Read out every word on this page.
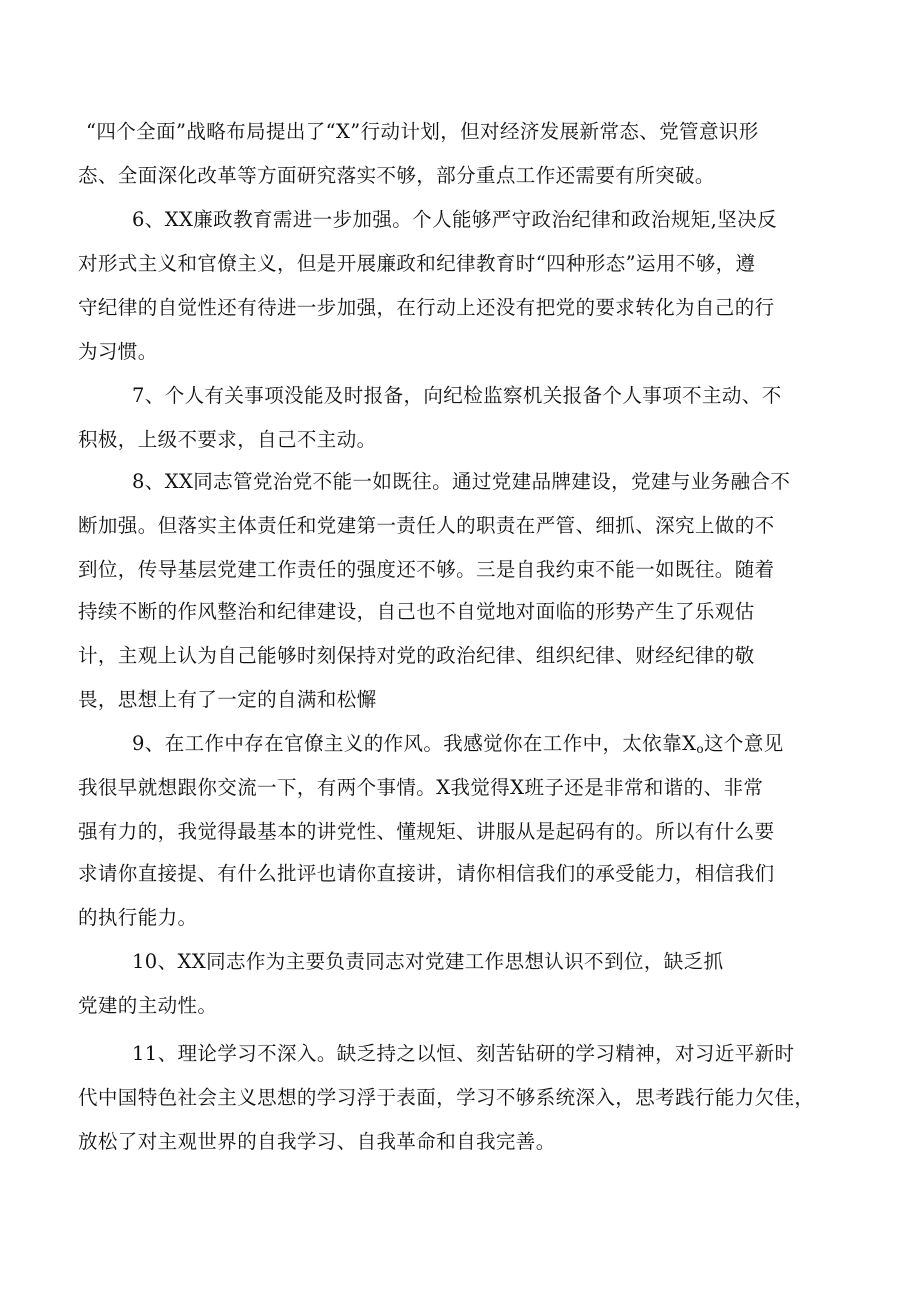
“四个全面”战略布局提出了“X”行动计划，但对经济发展新常态、党管意识形
态、全面深化改革等方面研究落实不够，部分重点工作还需要有所突破。
6、XX廉政教育需进一步加强。个人能够严守政治纪律和政治规矩,坚决反
对形式主义和官僚主义，但是开展廉政和纪律教育时“四种形态”运用不够，遵
守纪律的自觉性还有待进一步加强，在行动上还没有把党的要求转化为自己的行
为习惯。
7、个人有关事项没能及时报备，向纪检监察机关报备个人事项不主动、不
积极，上级不要求，自己不主动。
8、XX同志管党治党不能一如既往。通过党建品牌建设，党建与业务融合不
断加强。但落实主体责任和党建第一责任人的职责在严管、细抓、深究上做的不
到位，传导基层党建工作责任的强度还不够。三是自我约束不能一如既往。随着
持续不断的作风整治和纪律建设，自己也不自觉地对面临的形势产生了乐观估
计，主观上认为自己能够时刻保持对党的政治纪律、组织纪律、财经纪律的敬
畏，思想上有了一定的自满和松懈
9、在工作中存在官僚主义的作风。我感觉你在工作中，太依靠$X_o$这个意见
我很早就想跟你交流一下，有两个事情。X我觉得X班子还是非常和谐的、非常
强有力的，我觉得最基本的讲党性、懂规矩、讲服从是起码有的。所以有什么要
求请你直接提、有什么批评也请你直接讲，请你相信我们的承受能力，相信我们
的执行能力。
10、XX同志作为主要负责同志对党建工作思想认识不到位，缺乏抓
党建的主动性。
11、理论学习不深入。缺乏持之以恒、刻苦钻研的学习精神，对习近平新时
代中国特色社会主义思想的学习浮于表面，学习不够系统深入，思考践行能力欠佳，
放松了对主观世界的自我学习、自我革命和自我完善。
